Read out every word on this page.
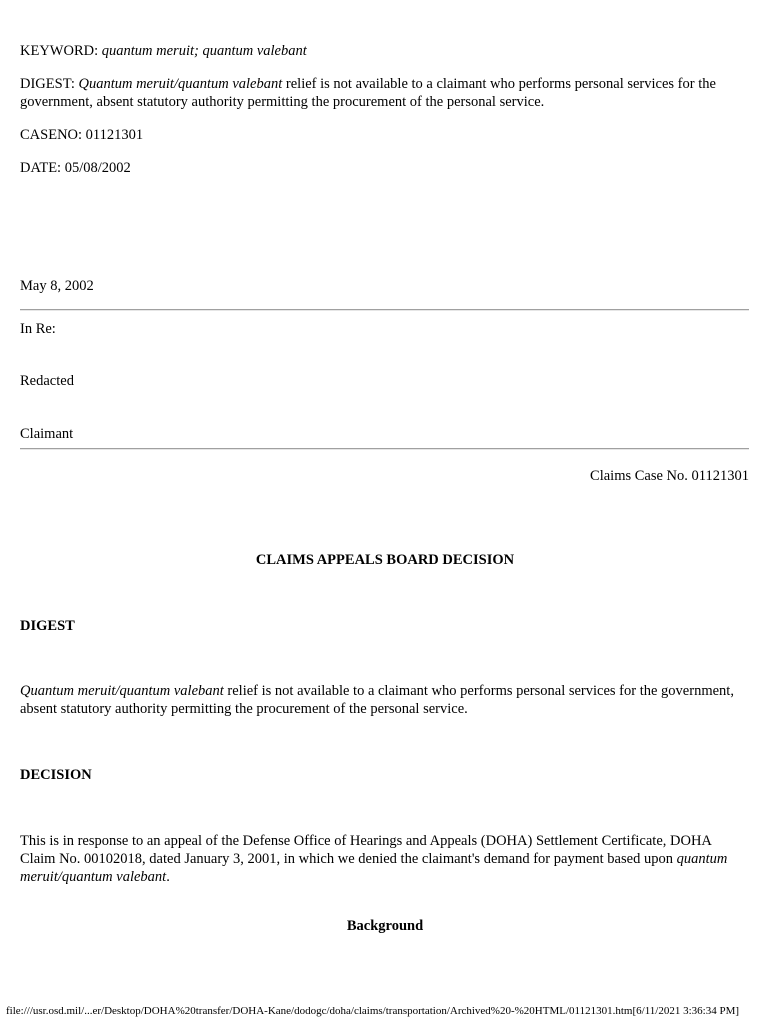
KEYWORD: quantum meruit; quantum valebant
DIGEST: Quantum meruit/quantum valebant relief is not available to a claimant who performs personal services for the government, absent statutory authority permitting the procurement of the personal service.
CASENO: 01121301
DATE: 05/08/2002
May 8, 2002
In Re:
Redacted
Claimant
Claims Case No. 01121301
CLAIMS APPEALS BOARD DECISION
DIGEST
Quantum meruit/quantum valebant relief is not available to a claimant who performs personal services for the government, absent statutory authority permitting the procurement of the personal service.
DECISION
This is in response to an appeal of the Defense Office of Hearings and Appeals (DOHA) Settlement Certificate, DOHA Claim No. 00102018, dated January 3, 2001, in which we denied the claimant's demand for payment based upon quantum meruit/quantum valebant.
Background
file:///usr.osd.mil/...er/Desktop/DOHA%20transfer/DOHA-Kane/dodogc/doha/claims/transportation/Archived%20-%20HTML/01121301.htm[6/11/2021 3:36:34 PM]
